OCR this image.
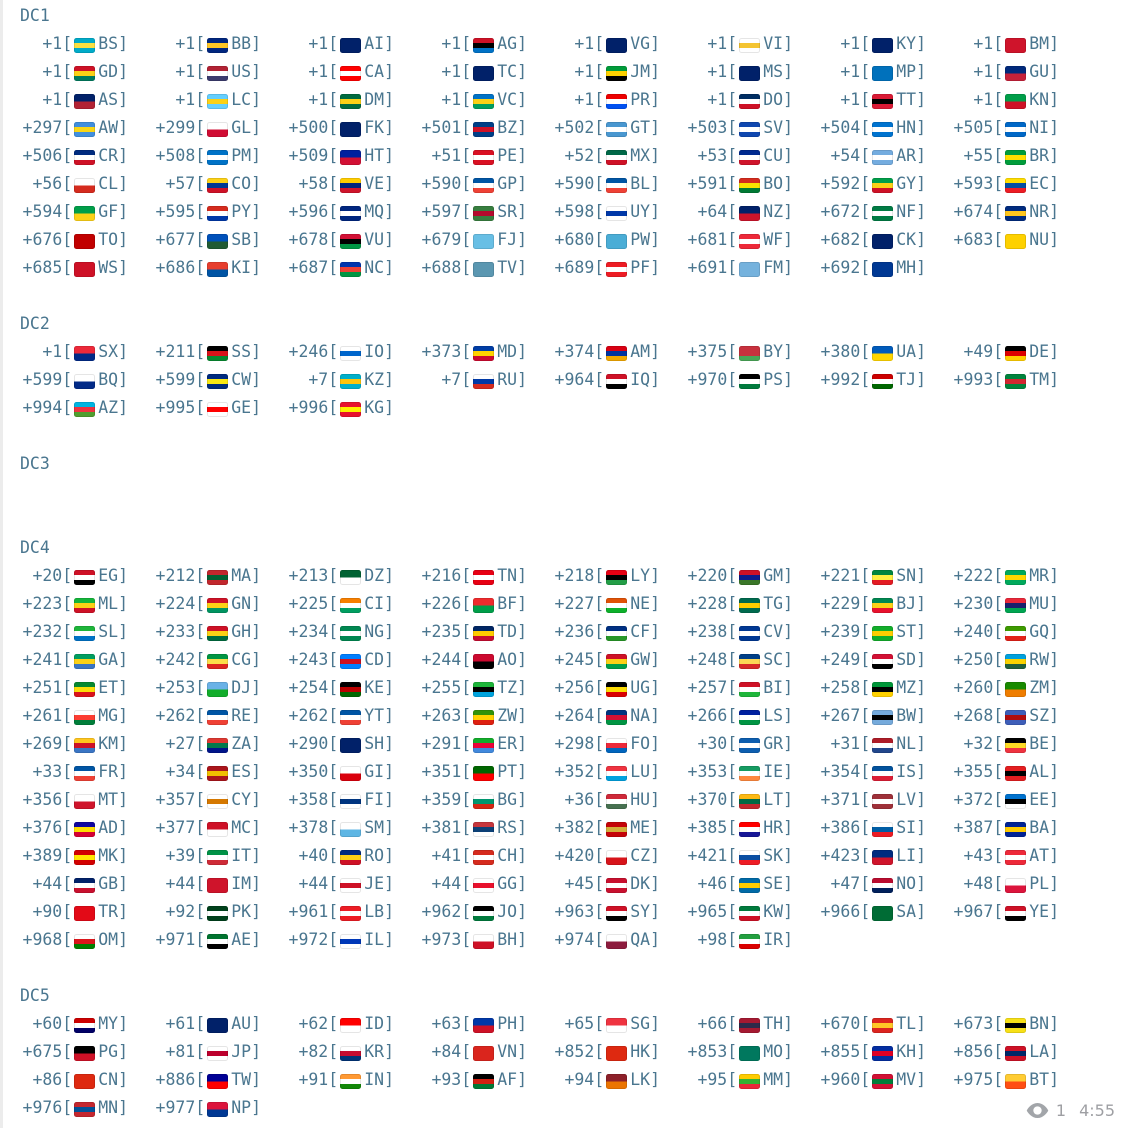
DC1
+1 [ BS ]	+1 [ BB ]	+1 [ AI ]	+1 [ AG ]	+1 [ VG ]	+1 [ VI ]	+1 [ KY ]	+1 [ BM ]
+1 [ GD ]	+1 [ US ]	+1 [ CA ]	+1 [ TC ]	+1 [ JM ]	+1 [ MS ]	+1 [ MP ]	+1 [ GU ]
+1 [ AS ]	+1 [ LC ]	+1 [ DM ]	+1 [ VC ]	+1 [ PR ]	+1 [ DO ]	+1 [ TT ]	+1 [ KN ]
+297 [ AW ] +299 [ GL ] +500 [ FK ] +501 [ BZ ] +502 [ GT ] +503 [ SV ] +504 [ HN ] +505 [ NI ]
+506 [ CR ] +508 [ PM ] +509 [ HT ]	+51 [ PE ]	+52 [ MX ]	+53 [ CU ]	+54 [ AR ]	+55 [ BR ]
+56 [ CL ]	+57 [ CO ]	+58 [ VE ] +590 [ GP ] +590 [ BL ] +591 [ BO ] +592 [ GY ] +593 [ EC ]
+594 [ GF ] +595 [ PY ] +596 [ MQ ] +597 [ SR ] +598 [ UY ]	+64 [ NZ ] +672 [ NF ] +674 [ NR ]
+676 [ TO ] +677 [ SB ] +678 [ VU ] +679 [ FJ ] +680 [ PW ] +681 [ WF ] +682 [ CK ] +683 [ NU ]
+685 [ WS ] +686 [ KI ] +687 [ NC ] +688 [ TV ] +689 [ PF ] +691 [ FM ] +692 [ MH ]
DC2
+1 [ SX ] +211 [ SS ] +246 [ IO ] +373 [ MD ] +374 [ AM ] +375 [ BY ] +380 [ UA ]	+49 [ DE ]
+599 [ BQ ] +599 [ CW ]	+7 [ KZ ]	+7 [ RU ] +964 [ IQ ] +970 [ PS ] +992 [ TJ ] +993 [ TM ]
+994 [ AZ ] +995 [ GE ] +996 [ KG ]
DC3
DC4
+20 [ EG ] +212 [ MA ] +213 [ DZ ] +216 [ TN ] +218 [ LY ] +220 [ GM ] +221 [ SN ] +222 [ MR ]
+223 [ ML ] +224 [ GN ] +225 [ CI ] +226 [ BF ] +227 [ NE ] +228 [ TG ] +229 [ BJ ] +230 [ MU ]
+232 [ SL ] +233 [ GH ] +234 [ NG ] +235 [ TD ] +236 [ CF ] +238 [ CV ] +239 [ ST ] +240 [ GQ ]
+241 [ GA ] +242 [ CG ] +243 [ CD ] +244 [ AO ] +245 [ GW ] +248 [ SC ] +249 [ SD ] +250 [ RW ]
+251 [ ET ] +253 [ DJ ] +254 [ KE ] +255 [ TZ ] +256 [ UG ] +257 [ BI ] +258 [ MZ ] +260 [ ZM ]
+261 [ MG ] +262 [ RE ] +262 [ YT ] +263 [ ZW ] +264 [ NA ] +266 [ LS ] +267 [ BW ] +268 [ SZ ]
+269 [ KM ]	+27 [ ZA ] +290 [ SH ] +291 [ ER ] +298 [ FO ]	+30 [ GR ]	+31 [ NL ]	+32 [ BE ]
+33 [ FR ]	+34 [ ES ] +350 [ GI ] +351 [ PT ] +352 [ LU ] +353 [ IE ] +354 [ IS ] +355 [ AL ]
+356 [ MT ] +357 [ CY ] +358 [ FI ] +359 [ BG ]	+36 [ HU ] +370 [ LT ] +371 [ LV ] +372 [ EE ]
+376 [ AD ] +377 [ MC ] +378 [ SM ] +381 [ RS ] +382 [ ME ] +385 [ HR ] +386 [ SI ] +387 [ BA ]
+389 [ MK ]	+39 [ IT ]	+40 [ RO ]	+41 [ CH ] +420 [ CZ ] +421 [ SK ] +423 [ LI ]	+43 [ AT ]
+44 [ GB ]	+44 [ IM ]	+44 [ JE ]	+44 [ GG ]	+45 [ DK ]	+46 [ SE ]	+47 [ NO ]	+48 [ PL ]
+90 [ TR ]	+92 [ PK ] +961 [ LB ] +962 [ JO ] +963 [ SY ] +965 [ KW ] +966 [ SA ] +967 [ YE ]
+968 [ OM ] +971 [ AE ] +972 [ IL ] +973 [ BH ] +974 [ QA ]	+98 [ IR ]
DC5
+60 [ MY ]	+61 [ AU ]	+62 [ ID ]	+63 [ PH ]	+65 [ SG ]	+66 [ TH ] +670 [ TL ] +673 [ BN ]
+675 [ PG ]	+81 [ JP ]	+82 [ KR ]	+84 [ VN ] +852 [ HK ] +853 [ MO ] +855 [ KH ] +856 [ LA ]
+86 [ CN ] +886 [ TW ]	+91 [ IN ]	+93 [ AF ]	+94 [ LK ]	+95 [ MM ] +960 [ MV ] +975 [ BT ]
+976 [ MN ] +977 [ NP ]	1 4:55
